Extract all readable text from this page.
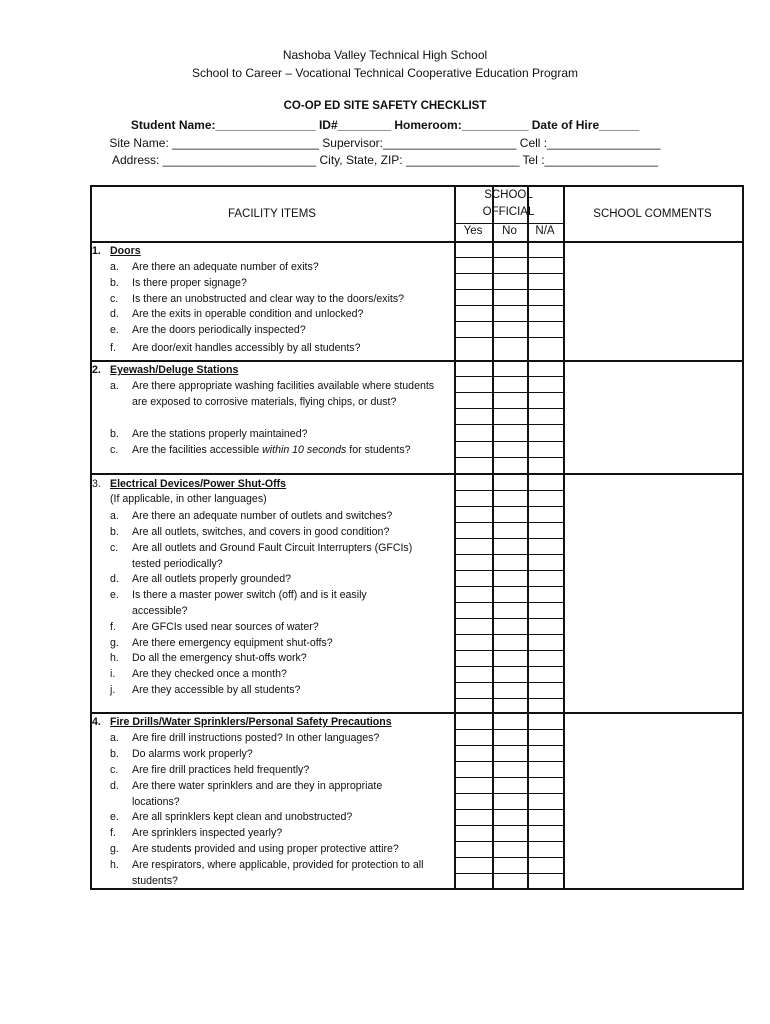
Nashoba Valley Technical High School
School to Career – Vocational Technical Cooperative Education Program
CO-OP ED SITE SAFETY CHECKLIST
Student Name:_______________ ID#________ Homeroom:__________ Date of Hire______
Site Name: ______________________ Supervisor:____________________ Cell :_________________
Address: _______________________ City, State, ZIP: _________________ Tel :_________________
FACILITY ITEMS
SCHOOL
OFFICIAL
Yes	No	N/A
SCHOOL COMMENTS
1. Doors
a.	Are there an adequate number of exits?
b.	Is there proper signage?
c.	Is there an unobstructed and clear way to the doors/exits?
d.	Are the exits in operable condition and unlocked?
e.	Are the doors periodically inspected?
f.	Are door/exit handles accessibly by all students?
2. Eyewash/Deluge Stations
a.	Are there appropriate washing facilities available where students are exposed to corrosive materials, flying chips, or dust?
b.	Are the stations properly maintained?
c.	Are the facilities accessible within 10 seconds for students?
3. Electrical Devices/Power Shut-Offs
(If applicable, in other languages)
a.	Are there an adequate number of outlets and switches?
b.	Are all outlets, switches, and covers in good condition?
c.	Are all outlets and Ground Fault Circuit Interrupters (GFCIs) tested periodically?
d.	Are all outlets properly grounded?
e.	Is there a master power switch (off) and is it easily accessible?
f.	Are GFCIs used near sources of water?
g.	Are there emergency equipment shut-offs?
h.	Do all the emergency shut-offs work?
i.	Are they checked once a month?
j.	Are they accessible by all students?
4. Fire Drills/Water Sprinklers/Personal Safety Precautions
a.	Are fire drill instructions posted? In other languages?
b.	Do alarms work properly?
c.	Are fire drill practices held frequently?
d.	Are there water sprinklers and are they in appropriate locations?
e.	Are all sprinklers kept clean and unobstructed?
f.	Are sprinklers inspected yearly?
g.	Are students provided and using proper protective attire?
h.	Are respirators, where applicable, provided for protection to all students?
